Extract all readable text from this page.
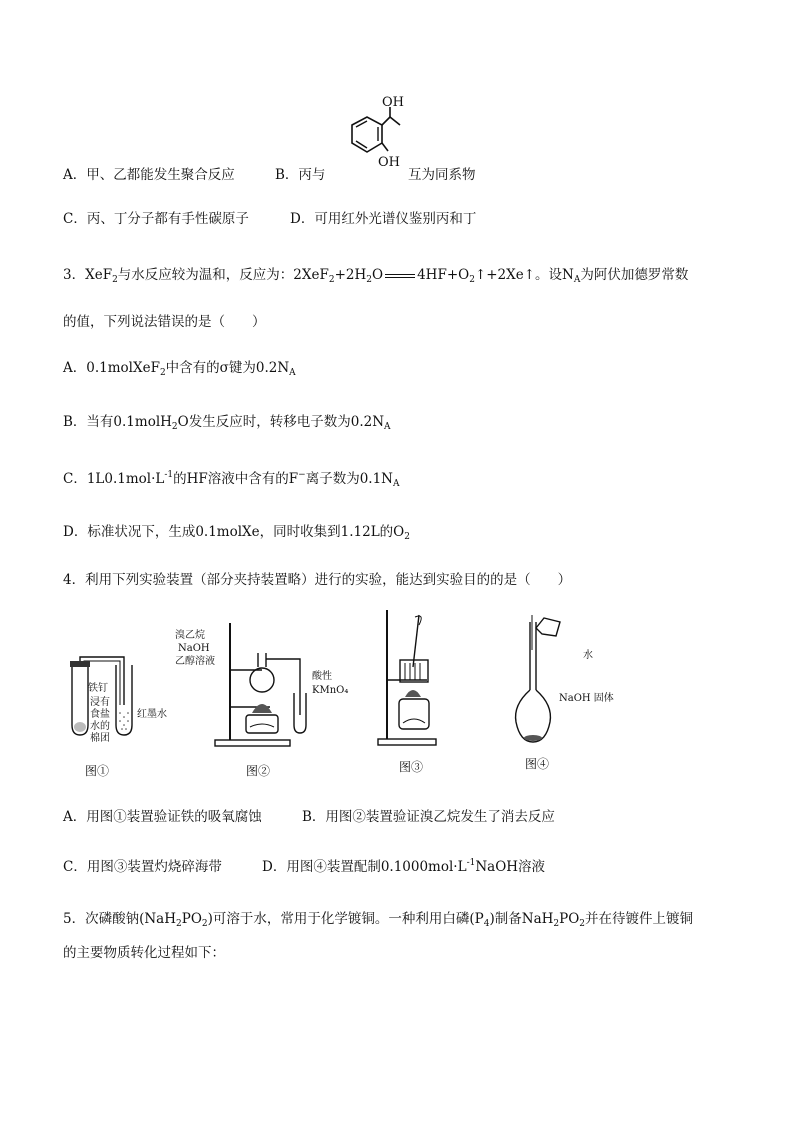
A．甲、乙都能发生聚合反应	B．丙与
OH
OH
互为同系物
C．丙、丁分子都有手性碳原子	D．可用红外光谱仪鉴别丙和丁
3．XeF$_2$与水反应较为温和，反应为：$2XeF_2+2H_2O$	$4HF+O_2↑+2Xe↑$。设$N_A$为阿伏加德罗常数
的值，下列说法错误的是（　　）
A．0.1molXeF$_2$中含有的σ键为$0.2N_A$
B．当有0.1molH$_2$O发生反应时，转移电子数为$0.2N_A$
C．$1L0.1mol\cdot L^{-1}$的HF溶液中含有的F−离子数为$0.1N_A$
D．标准状况下，生成0.1molXe，同时收集到1.12L的$O_2$
4．利用下列实验装置（部分夹持装置略）进行的实验，能达到实验目的的是（　　）
铁钉
浸有
食盐
水的
棉团
红墨水
图①
溴乙烷
NaOH
乙醇溶液
酸性
KMnO₄
图②	图③
水
NaOH 固体
图④
A．用图①装置验证铁的吸氧腐蚀	B．用图②装置验证溴乙烷发生了消去反应
C．用图③装置灼烧碎海带	D．用图④装置配制$0.1000mol\cdot L^{-1}NaOH$溶液
5．次磷酸钠$(NaH_2PO_2)$可溶于水，常用于化学镀铜。一种利用白磷$(P_4)$制备$NaH_2PO_2$并在待镀件上镀铜
的主要物质转化过程如下：
